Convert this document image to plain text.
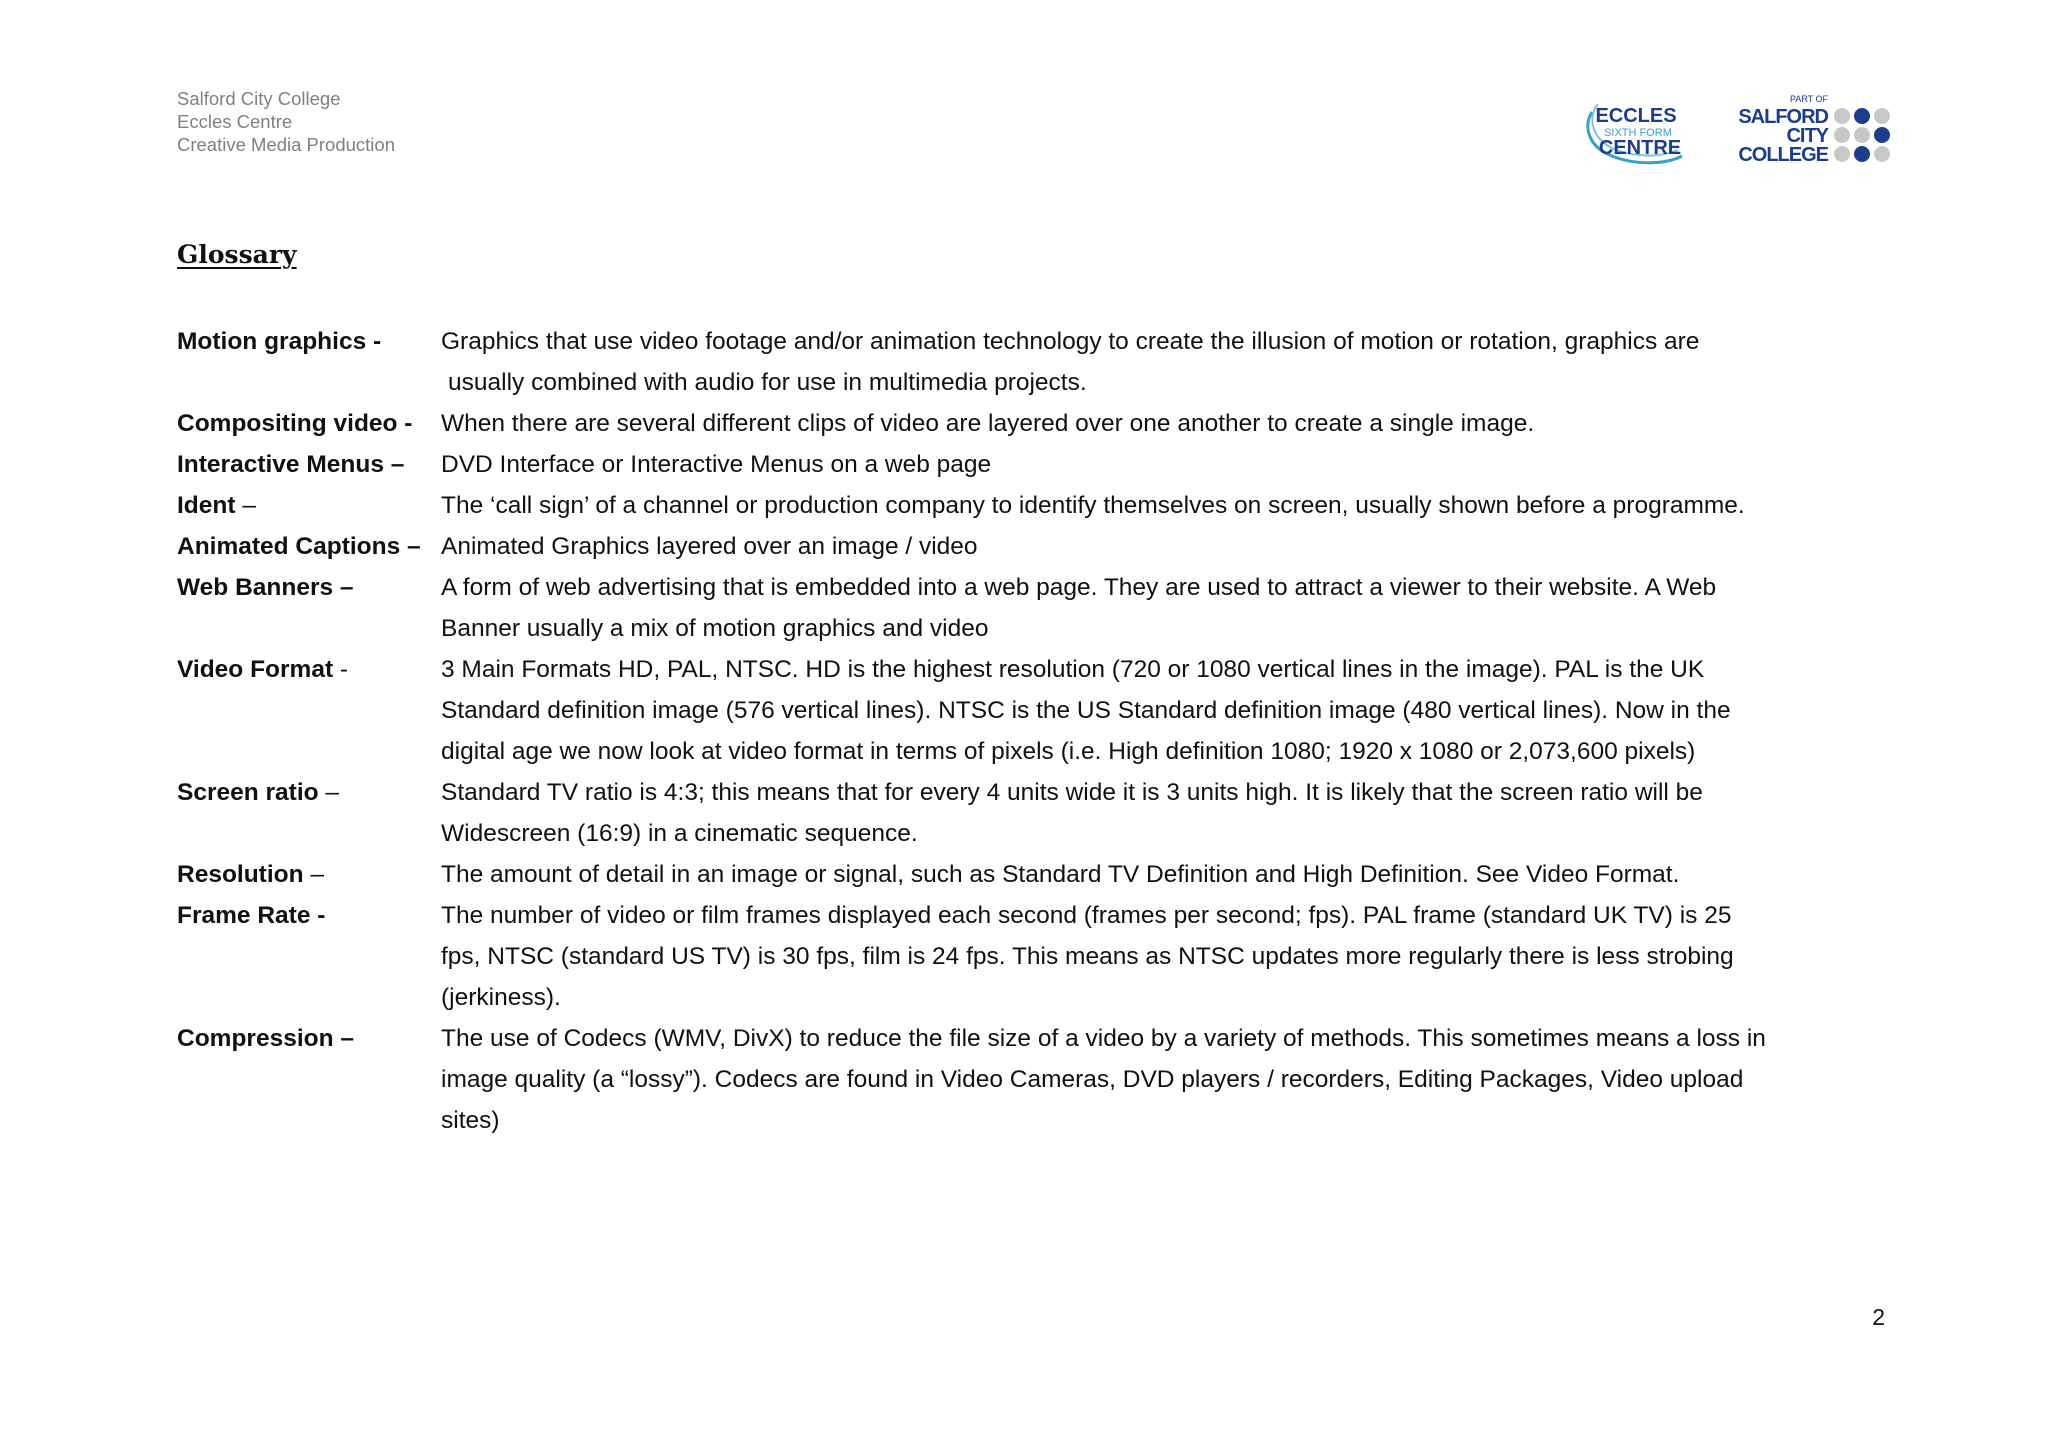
Salford City College
Eccles Centre
Creative Media Production
ECCLES
SIXTH FORM
CENTRE
PART OF
SALFORD
CITY
COLLEGE
Glossary
Motion graphics -	Graphics that use video footage and/or animation technology to create the illusion of motion or rotation, graphics are
usually combined with audio for use in multimedia projects.
Compositing video -	When there are several different clips of video are layered over one another to create a single image.
Interactive Menus –	DVD Interface or Interactive Menus on a web page
Ident –	The ‘call sign’ of a channel or production company to identify themselves on screen, usually shown before a programme.
Animated Captions – Animated Graphics layered over an image / video
Web Banners –	A form of web advertising that is embedded into a web page. They are used to attract a viewer to their website. A Web
Banner usually a mix of motion graphics and video
Video Format -	3 Main Formats HD, PAL, NTSC. HD is the highest resolution (720 or 1080 vertical lines in the image). PAL is the UK
Standard definition image (576 vertical lines). NTSC is the US Standard definition image (480 vertical lines). Now in the
digital age we now look at video format in terms of pixels (i.e. High definition 1080; 1920 x 1080 or 2,073,600 pixels)
Screen ratio –	Standard TV ratio is 4:3; this means that for every 4 units wide it is 3 units high. It is likely that the screen ratio will be
Widescreen (16:9) in a cinematic sequence.
Resolution –	The amount of detail in an image or signal, such as Standard TV Definition and High Definition. See Video Format.
Frame Rate -	The number of video or film frames displayed each second (frames per second; fps). PAL frame (standard UK TV) is 25
fps, NTSC (standard US TV) is 30 fps, film is 24 fps. This means as NTSC updates more regularly there is less strobing
(jerkiness).
Compression –	The use of Codecs (WMV, DivX) to reduce the file size of a video by a variety of methods. This sometimes means a loss in
image quality (a “lossy”). Codecs are found in Video Cameras, DVD players / recorders, Editing Packages, Video upload
sites)
2
